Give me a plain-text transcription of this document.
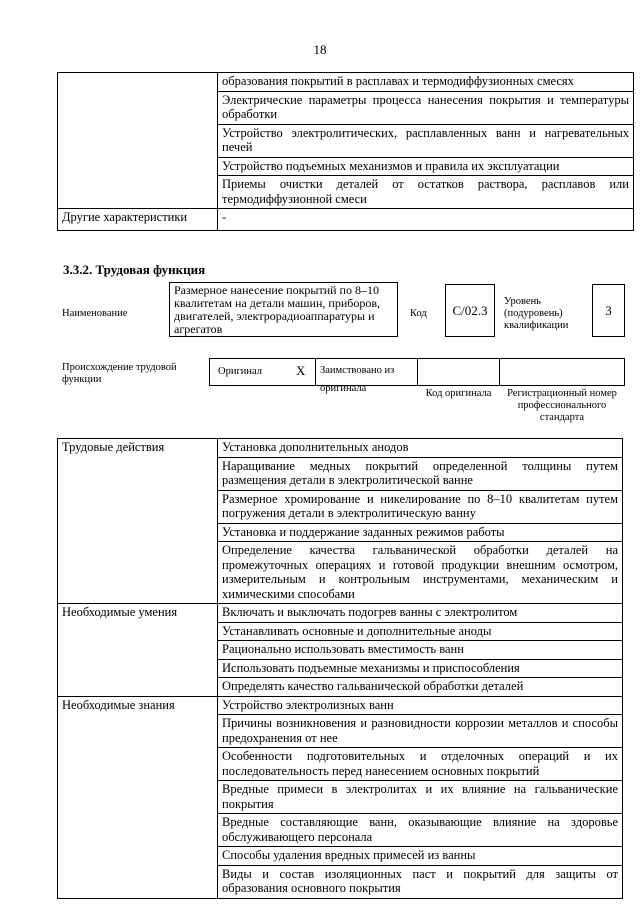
18
	образования покрытий в расплавах и термодиффузионных смесях
	Электрические параметры процесса нанесения покрытия и температуры обработки
	Устройство электролитических, расплавленных ванн и нагревательных печей
	Устройство подъемных механизмов и правила их эксплуатации
	Приемы очистки деталей от остатков раствора, расплавов или термодиффузионной смеси
Другие характеристики	-
3.3.2. Трудовая функция
Наименование
Размерное нанесение покрытий по 8–10 квалитетам на детали машин, приборов, двигателей, электрорадиоаппаратуры и агрегатов
Код	C/02.3
Уровень (подуровень) квалификации
3
Происхождение трудовой функции
Оригинал	X	Заимствовано из оригинала	Код оригинала	Регистрационный номер профессионального стандарта
Трудовые действия	Установка дополнительных анодов
	Наращивание медных покрытий определенной толщины путем размещения детали в электролитической ванне
	Размерное хромирование и никелирование по 8–10 квалитетам путем погружения детали в электролитическую ванну
	Установка и поддержание заданных режимов работы
	Определение качества гальванической обработки деталей на промежуточных операциях и готовой продукции внешним осмотром, измерительным и контрольным инструментами, механическим и химическими способами
Необходимые умения	Включать и выключать подогрев ванны с электролитом
	Устанавливать основные и дополнительные аноды
	Рационально использовать вместимость ванн
	Использовать подъемные механизмы и приспособления
	Определять качество гальванической обработки деталей
Необходимые знания	Устройство электролизных ванн
	Причины возникновения и разновидности коррозии металлов и способы предохранения от нее
	Особенности подготовительных и отделочных операций и их последовательность перед нанесением основных покрытий
	Вредные примеси в электролитах и их влияние на гальванические покрытия
	Вредные составляющие ванн, оказывающие влияние на здоровье обслуживающего персонала
	Способы удаления вредных примесей из ванны
	Виды и состав изоляционных паст и покрытий для защиты от образования основного покрытия
